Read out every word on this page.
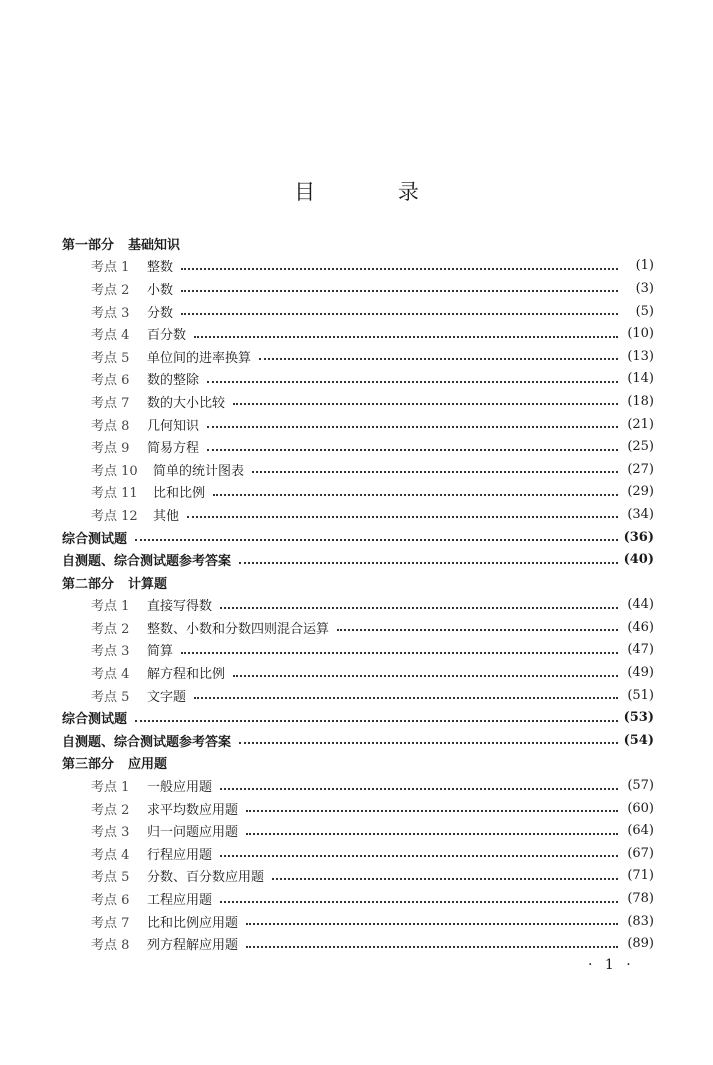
目 录
第一部分 基础知识
考点 1	整数	(1)
考点 2	小数	(3)
考点 3	分数	(5)
考点 4	百分数	(10)
考点 5	单位间的进率换算	(13)
考点 6	数的整除	(14)
考点 7	数的大小比较	(18)
考点 8	几何知识	(21)
考点 9	简易方程	(25)
考点 10	简单的统计图表	(27)
考点 11	比和比例	(29)
考点 12	其他	(34)
综合测试题	(36)
自测题、综合测试题参考答案	(40)
第二部分 计算题
考点 1	直接写得数	(44)
考点 2	整数、小数和分数四则混合运算	(46)
考点 3	简算	(47)
考点 4	解方程和比例	(49)
考点 5	文字题	(51)
综合测试题	(53)
自测题、综合测试题参考答案	(54)
第三部分 应用题
考点 1	一般应用题	(57)
考点 2	求平均数应用题	(60)
考点 3	归一问题应用题	(64)
考点 4	行程应用题	(67)
考点 5	分数、百分数应用题	(71)
考点 6	工程应用题	(78)
考点 7	比和比例应用题	(83)
考点 8	列方程解应用题	(89)
· 1 ·
